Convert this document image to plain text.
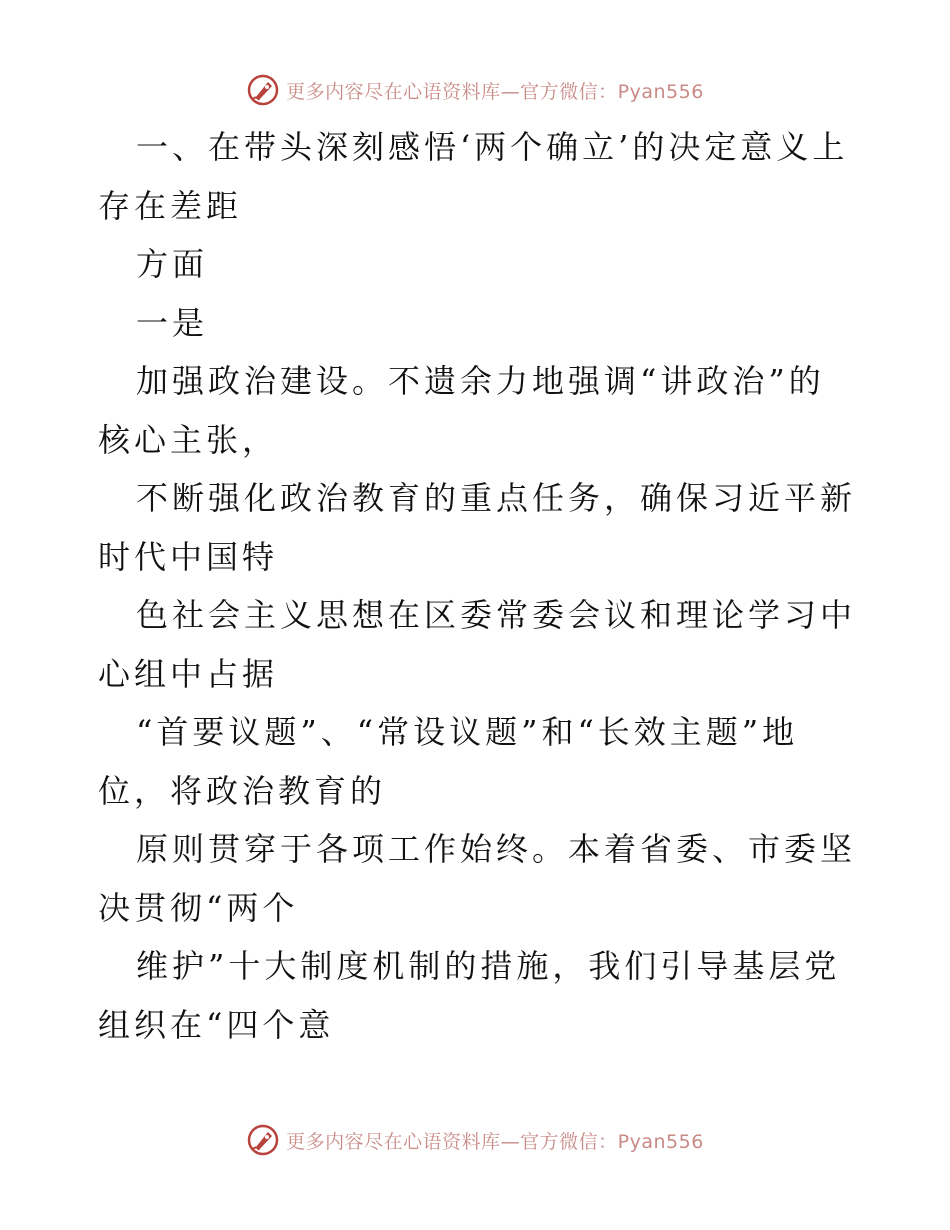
更多内容尽在心语资料库—官方微信：Pyan556

一、在带头深刻感悟‘两个确立’的决定意义上存在差距

方面

一是

加强政治建设。不遗余力地强调“讲政治”的核心主张，

不断强化政治教育的重点任务，确保习近平新时代中国特

色社会主义思想在区委常委会议和理论学习中心组中占据

“首要议题”、“常设议题”和“长效主题”地位，将政治教育的

原则贯穿于各项工作始终。本着省委、市委坚决贯彻“两个

维护”十大制度机制的措施，我们引导基层党组织在“四个意

更多内容尽在心语资料库—官方微信：Pyan556
